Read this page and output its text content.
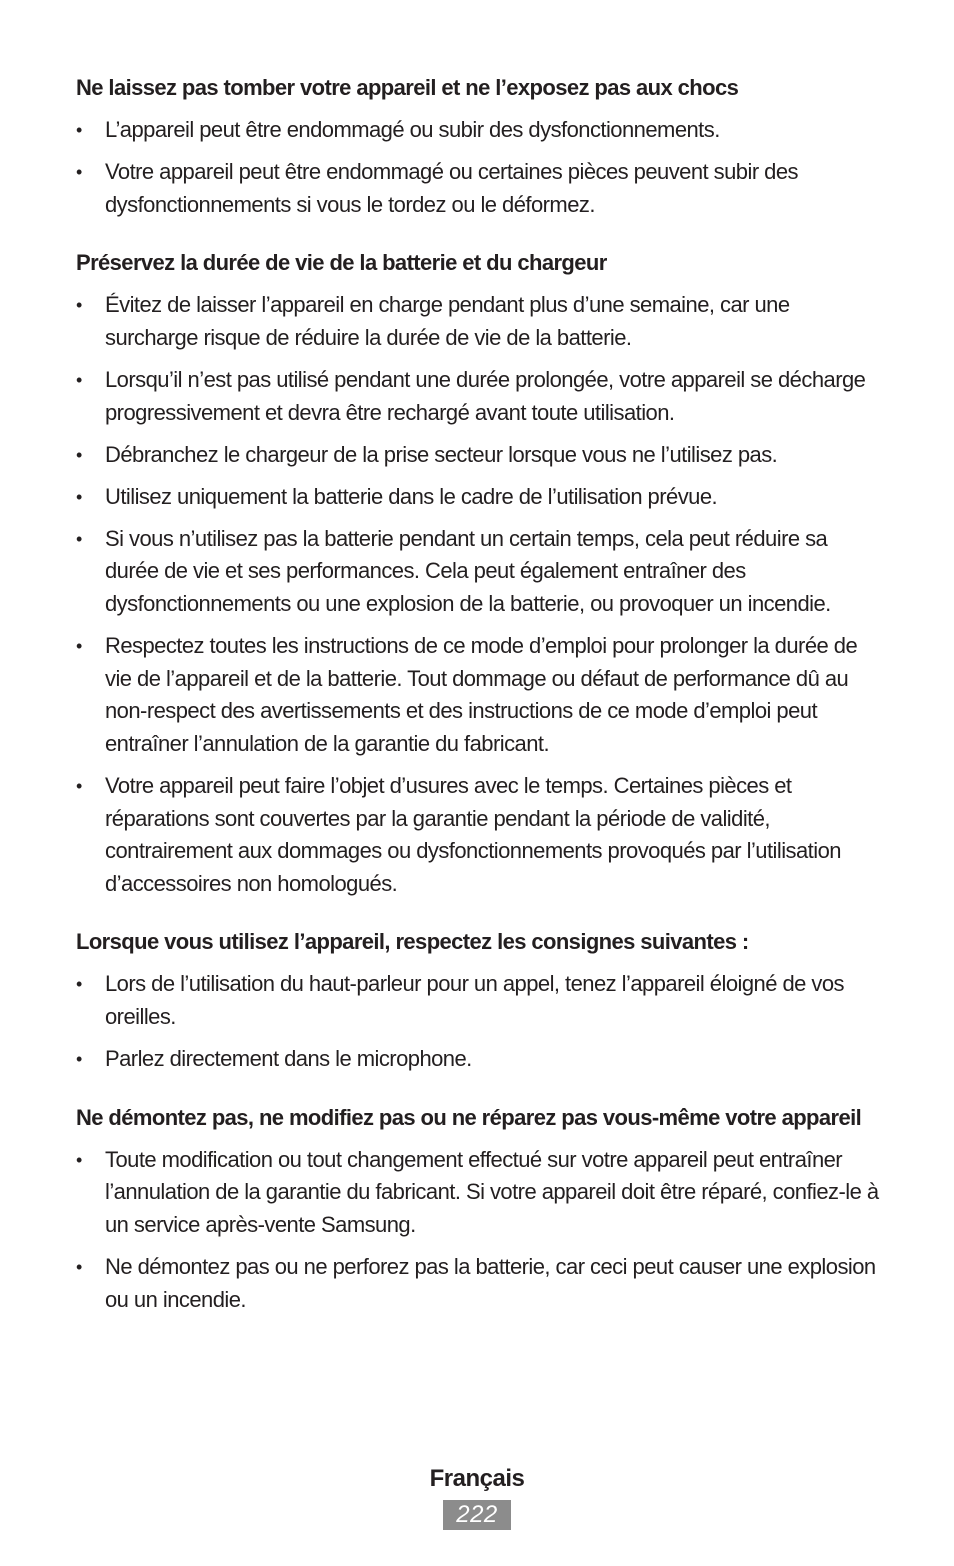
Ne laissez pas tomber votre appareil et ne l’exposez pas aux chocs
• L’appareil peut être endommagé ou subir des dysfonctionnements.
• Votre appareil peut être endommagé ou certaines pièces peuvent subir des dysfonctionnements si vous le tordez ou le déformez.
Préservez la durée de vie de la batterie et du chargeur
• Évitez de laisser l’appareil en charge pendant plus d’une semaine, car une surcharge risque de réduire la durée de vie de la batterie.
• Lorsqu’il n’est pas utilisé pendant une durée prolongée, votre appareil se décharge progressivement et devra être rechargé avant toute utilisation.
• Débranchez le chargeur de la prise secteur lorsque vous ne l’utilisez pas.
• Utilisez uniquement la batterie dans le cadre de l’utilisation prévue.
• Si vous n’utilisez pas la batterie pendant un certain temps, cela peut réduire sa durée de vie et ses performances. Cela peut également entraîner des dysfonctionnements ou une explosion de la batterie, ou provoquer un incendie.
• Respectez toutes les instructions de ce mode d’emploi pour prolonger la durée de vie de l’appareil et de la batterie. Tout dommage ou défaut de performance dû au non-respect des avertissements et des instructions de ce mode d’emploi peut entraîner l’annulation de la garantie du fabricant.
• Votre appareil peut faire l’objet d’usures avec le temps. Certaines pièces et réparations sont couvertes par la garantie pendant la période de validité, contrairement aux dommages ou dysfonctionnements provoqués par l’utilisation d’accessoires non homologués.
Lorsque vous utilisez l’appareil, respectez les consignes suivantes :
• Lors de l’utilisation du haut-parleur pour un appel, tenez l’appareil éloigné de vos oreilles.
• Parlez directement dans le microphone.
Ne démontez pas, ne modifiez pas ou ne réparez pas vous-même votre appareil
• Toute modification ou tout changement effectué sur votre appareil peut entraîner l’annulation de la garantie du fabricant. Si votre appareil doit être réparé, confiez-le à un service après-vente Samsung.
• Ne démontez pas ou ne perforez pas la batterie, car ceci peut causer une explosion ou un incendie.
Français
222
